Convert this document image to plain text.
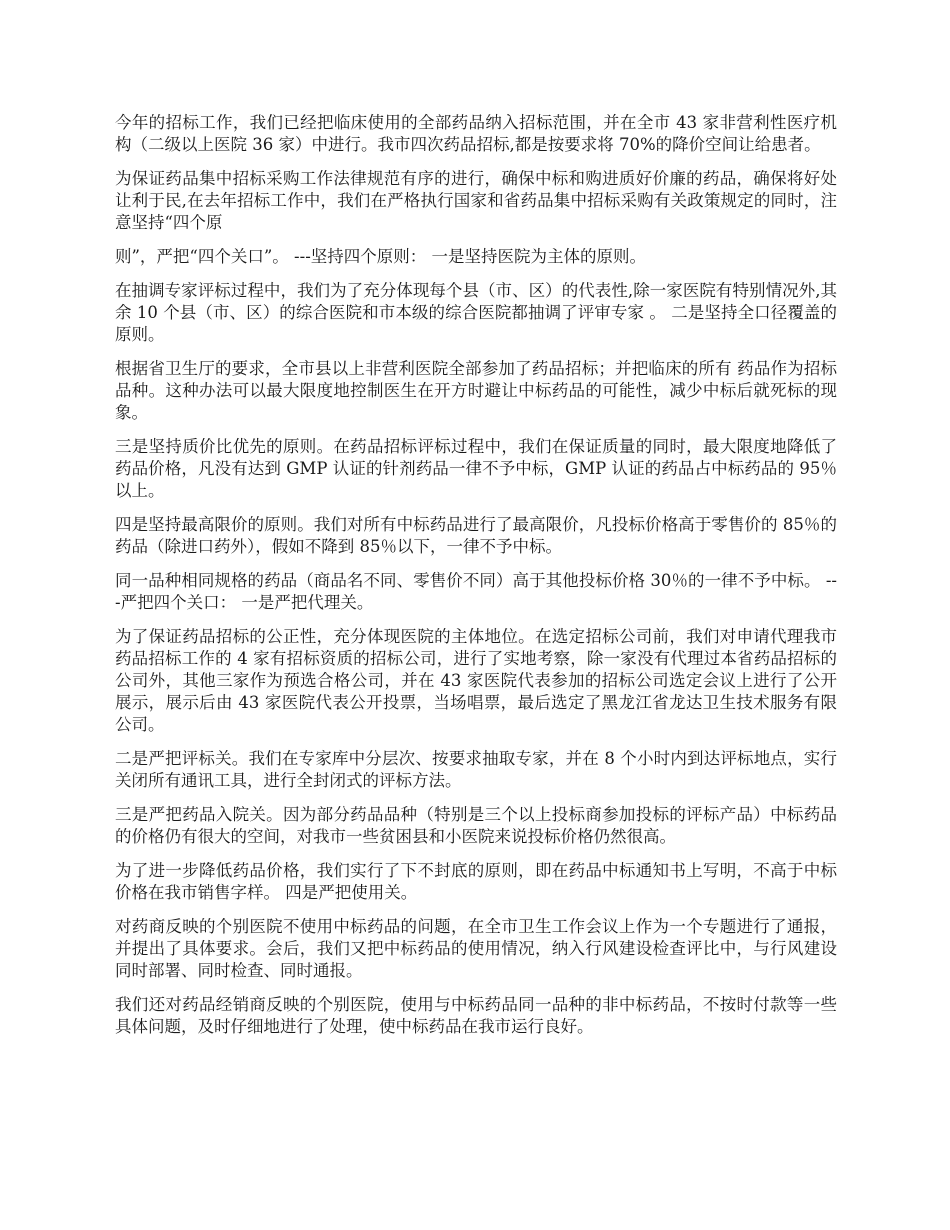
今年的招标工作，我们已经把临床使用的全部药品纳入招标范围，并在全市 43 家非营利性医疗机构（二级以上医院 36 家）中进行。我市四次药品招标,都是按要求将 70%的降价空间让给患者。

为保证药品集中招标采购工作法律规范有序的进行，确保中标和购进质好价廉的药品，确保将好处让利于民,在去年招标工作中，我们在严格执行国家和省药品集中招标采购有关政策规定的同时，注意坚持“四个原

则”，严把“四个关口”。 ---坚持四个原则： 一是坚持医院为主体的原则。

在抽调专家评标过程中，我们为了充分体现每个县（市、区）的代表性,除一家医院有特别情况外,其余 10 个县（市、区）的综合医院和市本级的综合医院都抽调了评审专家 。 二是坚持全口径覆盖的原则。

根据省卫生厅的要求，全市县以上非营利医院全部参加了药品招标；并把临床的所有 药品作为招标品种。这种办法可以最大限度地控制医生在开方时避让中标药品的可能性，减少中标后就死标的现象。

三是坚持质价比优先的原则。在药品招标评标过程中，我们在保证质量的同时，最大限度地降低了药品价格，凡没有达到 GMP 认证的针剂药品一律不予中标，GMP 认证的药品占中标药品的 95％以上。

四是坚持最高限价的原则。我们对所有中标药品进行了最高限价，凡投标价格高于零售价的 85％的药品（除进口药外），假如不降到 85％以下，一律不予中标。

同一品种相同规格的药品（商品名不同、零售价不同）高于其他投标价格 30％的一律不予中标。 ---严把四个关口： 一是严把代理关。

为了保证药品招标的公正性，充分体现医院的主体地位。在选定招标公司前，我们对申请代理我市药品招标工作的 4 家有招标资质的招标公司，进行了实地考察，除一家没有代理过本省药品招标的公司外，其他三家作为预选合格公司，并在 43 家医院代表参加的招标公司选定会议上进行了公开展示，展示后由 43 家医院代表公开投票，当场唱票，最后选定了黑龙江省龙达卫生技术服务有限公司。

二是严把评标关。我们在专家库中分层次、按要求抽取专家，并在 8 个小时内到达评标地点，实行关闭所有通讯工具，进行全封闭式的评标方法。

三是严把药品入院关。因为部分药品品种（特别是三个以上投标商参加投标的评标产品）中标药品的价格仍有很大的空间，对我市一些贫困县和小医院来说投标价格仍然很高。

为了进一步降低药品价格，我们实行了下不封底的原则，即在药品中标通知书上写明，不高于中标价格在我市销售字样。 四是严把使用关。

对药商反映的个别医院不使用中标药品的问题，在全市卫生工作会议上作为一个专题进行了通报，并提出了具体要求。会后，我们又把中标药品的使用情况，纳入行风建设检查评比中，与行风建设同时部署、同时检查、同时通报。

我们还对药品经销商反映的个别医院，使用与中标药品同一品种的非中标药品，不按时付款等一些具体问题，及时仔细地进行了处理，使中标药品在我市运行良好。
